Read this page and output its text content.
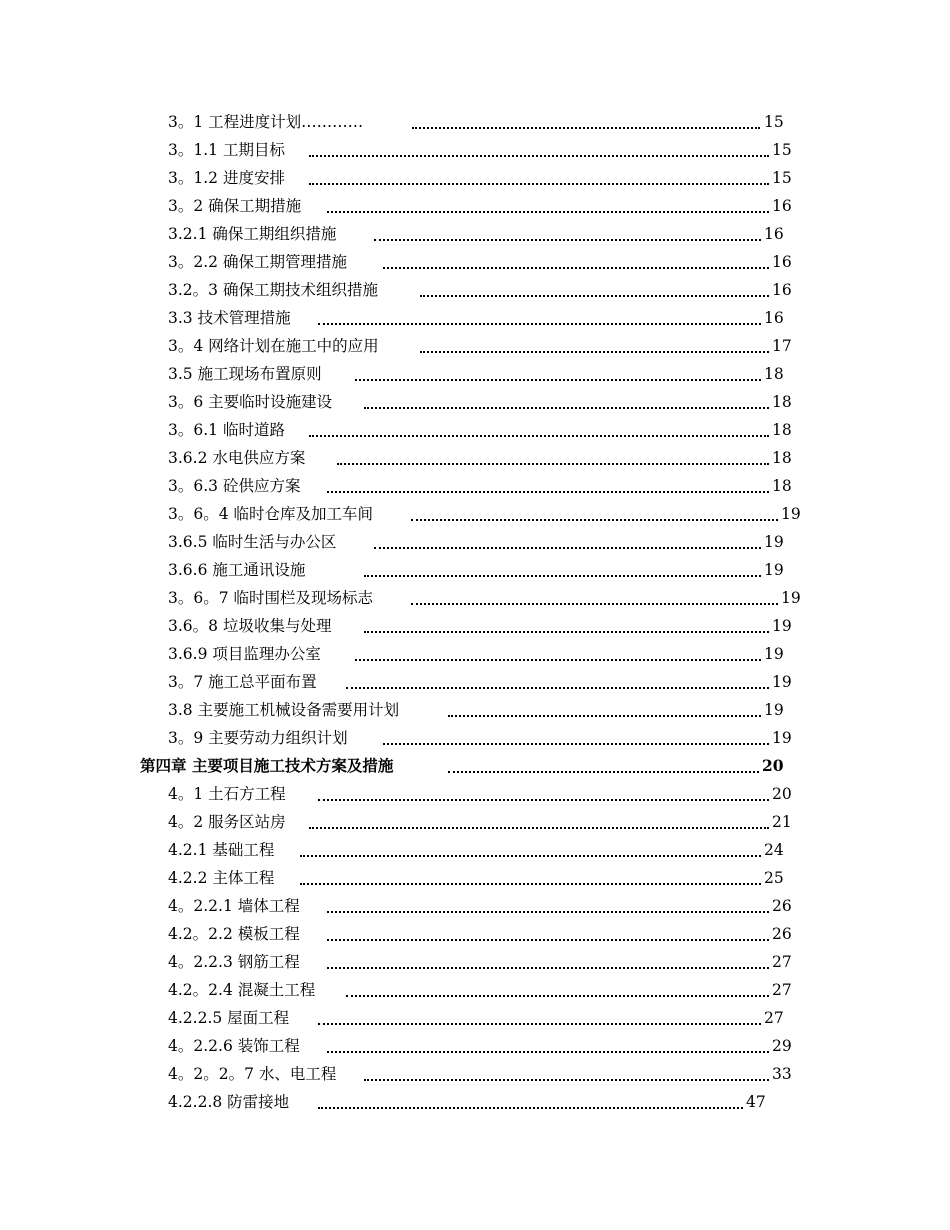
3。1 工程进度计划…………	15
3。1.1 工期目标	15
3。1.2 进度安排	15
3。2 确保工期措施	16
3.2.1 确保工期组织措施	16
3。2.2 确保工期管理措施	16
3.2。3 确保工期技术组织措施	16
3.3 技术管理措施	16
3。4 网络计划在施工中的应用	17
3.5 施工现场布置原则	18
3。6 主要临时设施建设	18
3。6.1 临时道路	18
3.6.2 水电供应方案	18
3。6.3 砼供应方案	18
3。6。4 临时仓库及加工车间	19
3.6.5 临时生活与办公区	19
3.6.6 施工通讯设施	19
3。6。7 临时围栏及现场标志	19
3.6。8 垃圾收集与处理	19
3.6.9 项目监理办公室	19
3。7 施工总平面布置	19
3.8 主要施工机械设备需要用计划	19
3。9 主要劳动力组织计划	19
第四章 主要项目施工技术方案及措施	20
4。1 土石方工程	20
4。2 服务区站房	21
4.2.1 基础工程	24
4.2.2 主体工程	25
4。2.2.1 墙体工程	26
4.2。2.2 模板工程	26
4。2.2.3 钢筋工程	27
4.2。2.4 混凝土工程	27
4.2.2.5 屋面工程	27
4。2.2.6 装饰工程	29
4。2。2。7 水、电工程	33
4.2.2.8 防雷接地	47
